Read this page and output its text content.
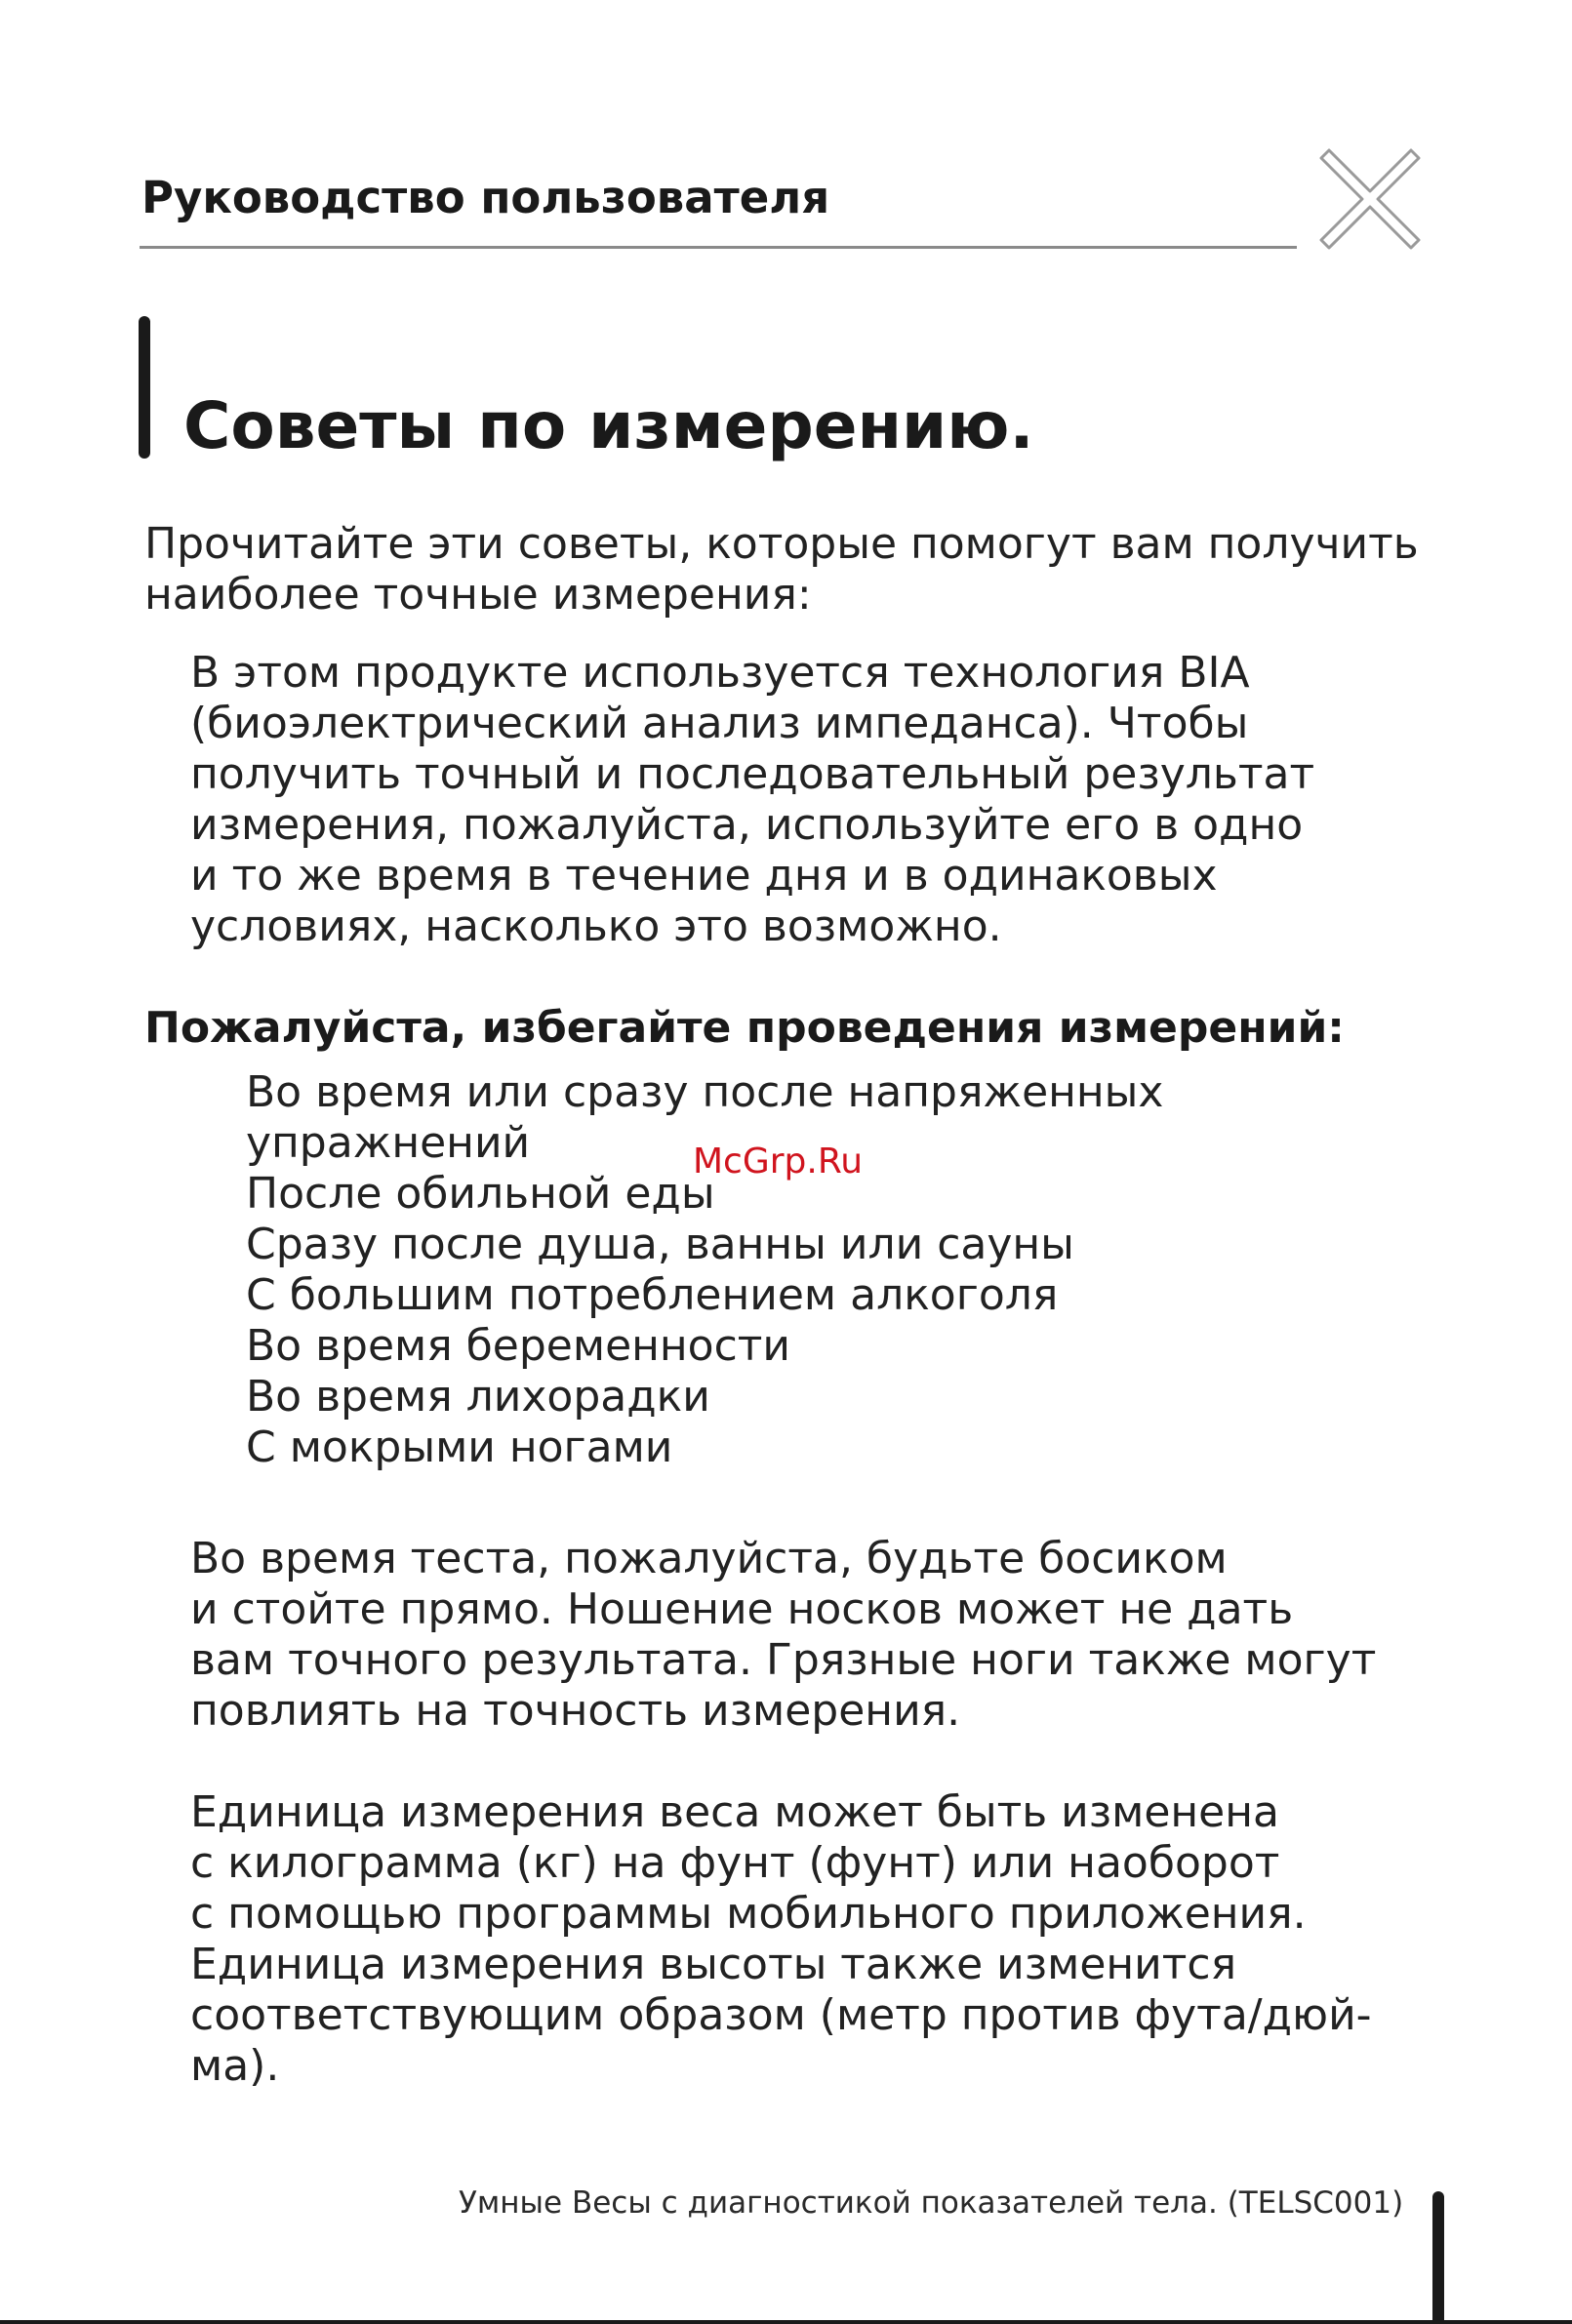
Руководство пользователя
Советы по измерению.
Прочитайте эти советы, которые помогут вам получить
наиболее точные измерения:
В этом продукте используется технология BIA
(биоэлектрический анализ импеданса). Чтобы
получить точный и последовательный результат
измерения, пожалуйста, используйте его в одно
и то же время в течение дня и в одинаковых
условиях, насколько это возможно.
Пожалуйста, избегайте проведения измерений:
Во время или сразу после напряженных
упражнений
После обильной еды
Сразу после душа, ванны или сауны
С большим потреблением алкоголя
Во время беременности
Во время лихорадки
С мокрыми ногами
McGrp.Ru
Во время теста, пожалуйста, будьте босиком
и стойте прямо. Ношение носков может не дать
вам точного результата. Грязные ноги также могут
повлиять на точность измерения.
Единица измерения веса может быть изменена
с килограмма (кг) на фунт (фунт) или наоборот
с помощью программы мобильного приложения.
Единица измерения высоты также изменится
соответствующим образом (метр против фута/дюй-
ма).
Умные Весы с диагностикой показателей тела. (TELSC001)
